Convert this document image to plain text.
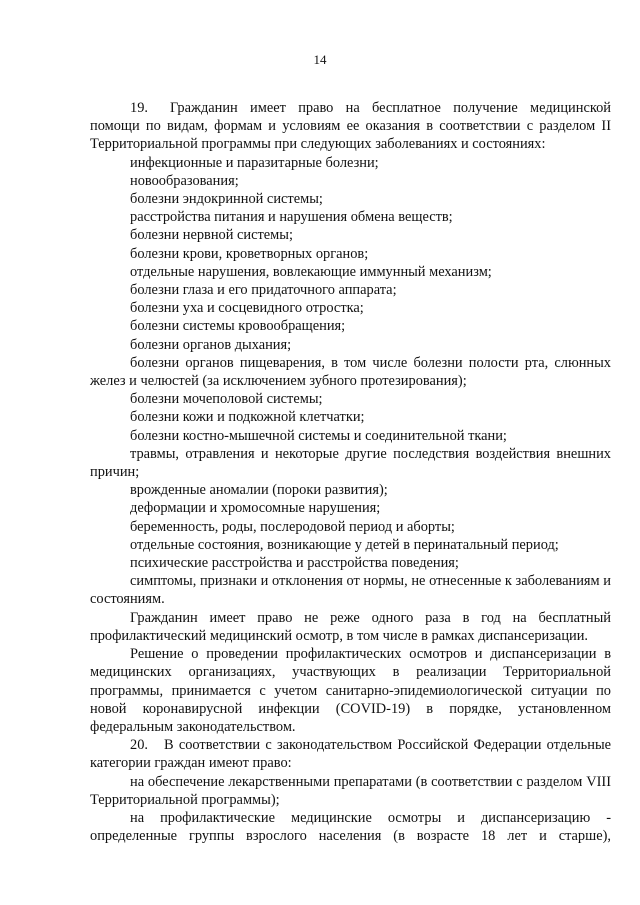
14

19. Гражданин имеет право на бесплатное получение медицинской помощи по видам, формам и условиям ее оказания в соответствии с разделом II Территориальной программы при следующих заболеваниях и состояниях:

инфекционные и паразитарные болезни;

новообразования;

болезни эндокринной системы;

расстройства питания и нарушения обмена веществ;

болезни нервной системы;

болезни крови, кроветворных органов;

отдельные нарушения, вовлекающие иммунный механизм;

болезни глаза и его придаточного аппарата;

болезни уха и сосцевидного отростка;

болезни системы кровообращения;

болезни органов дыхания;

болезни органов пищеварения, в том числе болезни полости рта, слюнных желез и челюстей (за исключением зубного протезирования);

болезни мочеполовой системы;

болезни кожи и подкожной клетчатки;

болезни костно-мышечной системы и соединительной ткани;

травмы, отравления и некоторые другие последствия воздействия внешних причин;

врожденные аномалии (пороки развития);

деформации и хромосомные нарушения;

беременность, роды, послеродовой период и аборты;

отдельные состояния, возникающие у детей в перинатальный период;

психические расстройства и расстройства поведения;

симптомы, признаки и отклонения от нормы, не отнесенные к заболеваниям и состояниям.

Гражданин имеет право не реже одного раза в год на бесплатный профилактический медицинский осмотр, в том числе в рамках диспансеризации.

Решение о проведении профилактических осмотров и диспансеризации в медицинских организациях, участвующих в реализации Территориальной программы, принимается с учетом санитарно-эпидемиологической ситуации по новой коронавирусной инфекции (COVID-19) в порядке, установленном федеральным законодательством.

20. В соответствии с законодательством Российской Федерации отдельные категории граждан имеют право:

на обеспечение лекарственными препаратами (в соответствии с разделом VIII Территориальной программы);

на профилактические медицинские осмотры и диспансеризацию - определенные группы взрослого населения (в возрасте 18 лет и старше),
